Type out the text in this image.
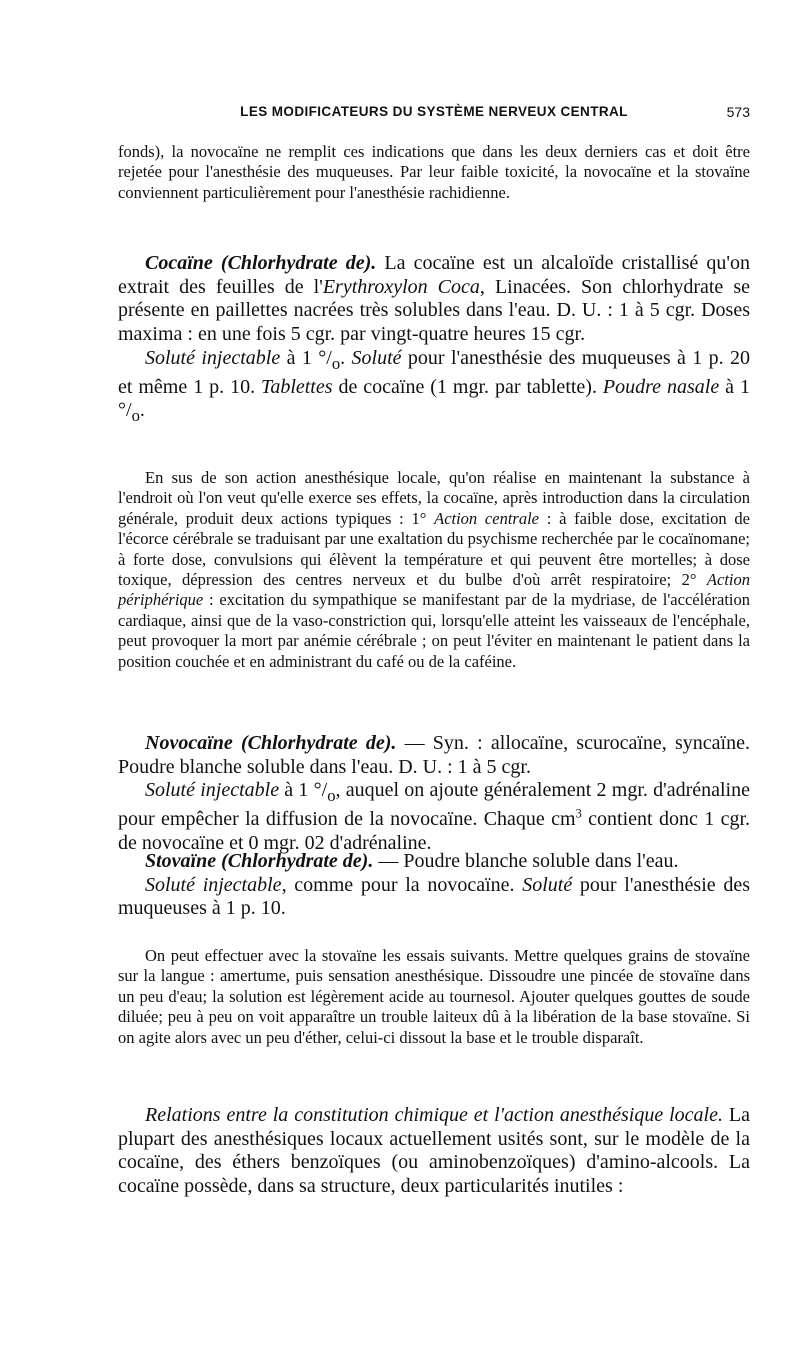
LES MODIFICATEURS DU SYSTÈME NERVEUX CENTRAL	573

fonds), la novocaïne ne remplit ces indications que dans les deux derniers cas et doit être rejetée pour l'anesthésie des muqueuses. Par leur faible toxicité, la novocaïne et la stovaïne conviennent particulièrement pour l'anesthésie rachidienne.

Cocaïne (Chlorhydrate de). La cocaïne est un alcaloïde cristallisé qu'on extrait des feuilles de l'Erythroxylon Coca, Linacées. Son chlorhydrate se présente en paillettes nacrées très solubles dans l'eau. D. U. : 1 à 5 cgr. Doses maxima : en une fois 5 cgr. par vingt-quatre heures 15 cgr.

Soluté injectable à 1 $^\circ/_o$. Soluté pour l'anesthésie des muqueuses à 1 p. 20 et même 1 p. 10. Tablettes de cocaïne (1 mgr. par tablette). Poudre nasale à 1 $^\circ/_o$.

En sus de son action anesthésique locale, qu'on réalise en maintenant la substance à l'endroit où l'on veut qu'elle exerce ses effets, la cocaïne, après introduction dans la circulation générale, produit deux actions typiques : 1° Action centrale : à faible dose, excitation de l'écorce cérébrale se traduisant par une exaltation du psychisme recherchée par le cocaïnomane; à forte dose, convulsions qui élèvent la température et qui peuvent être mortelles; à dose toxique, dépression des centres nerveux et du bulbe d'où arrêt respiratoire; 2° Action périphérique : excitation du sympathique se manifestant par de la mydriase, de l'accélération cardiaque, ainsi que de la vaso-constriction qui, lorsqu'elle atteint les vaisseaux de l'encéphale, peut provoquer la mort par anémie cérébrale ; on peut l'éviter en maintenant le patient dans la position couchée et en administrant du café ou de la caféine.

Novocaïne (Chlorhydrate de). — Syn. : allocaïne, scurocaïne, syncaïne. Poudre blanche soluble dans l'eau. D. U. : 1 à 5 cgr.

Soluté injectable à 1 $^\circ/_o$, auquel on ajoute généralement 2 mgr. d'adrénaline pour empêcher la diffusion de la novocaïne. Chaque $cm^3$ contient donc 1 cgr. de novocaïne et 0 mgr. 02 d'adrénaline.

Stovaïne (Chlorhydrate de). — Poudre blanche soluble dans l'eau.

Soluté injectable, comme pour la novocaïne. Soluté pour l'anesthésie des muqueuses à 1 p. 10.

On peut effectuer avec la stovaïne les essais suivants. Mettre quelques grains de stovaïne sur la langue : amertume, puis sensation anesthésique. Dissoudre une pincée de stovaïne dans un peu d'eau; la solution est légèrement acide au tournesol. Ajouter quelques gouttes de soude diluée; peu à peu on voit apparaître un trouble laiteux dû à la libération de la base stovaïne. Si on agite alors avec un peu d'éther, celui-ci dissout la base et le trouble disparaît.

Relations entre la constitution chimique et l'action anesthésique locale. La plupart des anesthésiques locaux actuellement usités sont, sur le modèle de la cocaïne, des éthers benzoïques (ou aminobenzoïques) d'amino-alcools. La cocaïne possède, dans sa structure, deux particularités inutiles :
